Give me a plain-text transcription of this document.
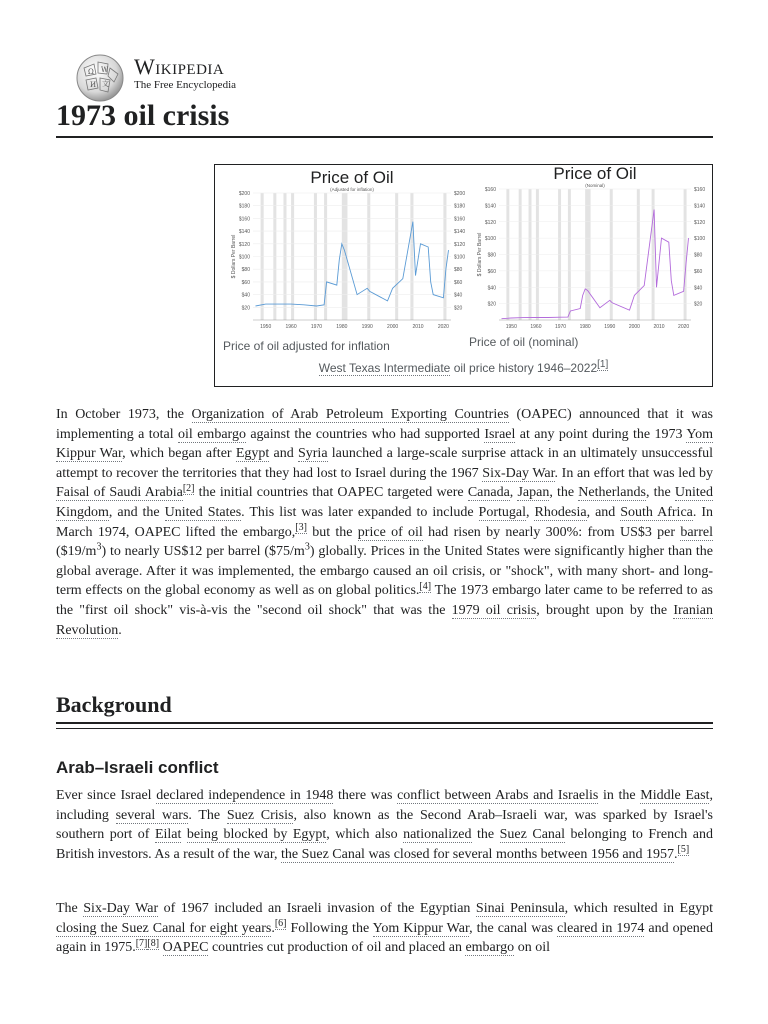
Ω W
И 文
Wikipedia
The Free Encyclopedia
1973 oil crisis
$20	$20
$40	$40
$60	$60
$80	$80
$100	$100
$120	$120
$140	$140
$160	$160
$180	$180
$200	$200
1950	1960	1970	1980	1990	2000	2010	2020
$ Dollars Per Barrel
Price of Oil
(Adjusted for inflation)
$20	$20
$40	$40
$60	$60
$80	$80
$100	$100
$120	$120
$140	$140
$160	$160
1950	1960	1970	1980	1990	2000	2010	2020
$ Dollars Per Barrel
Price of Oil
(Nominal)
Price of oil adjusted for inflation	Price of oil (nominal)
West Texas Intermediate oil price history 1946–2022[1]

In October 1973, the Organization of Arab Petroleum Exporting Countries (OAPEC) announced that it was implementing a total oil embargo against the countries who had supported Israel at any point during the 1973 Yom Kippur War, which began after Egypt and Syria launched a large-scale surprise attack in an ultimately unsuccessful attempt to recover the territories that they had lost to Israel during the 1967 Six-Day War. In an effort that was led by Faisal of Saudi Arabia[2] the initial countries that OAPEC targeted were Canada, Japan, the Netherlands, the United Kingdom, and the United States. This list was later expanded to include Portugal, Rhodesia, and South Africa. In March 1974, OAPEC lifted the embargo,[3] but the price of oil had risen by nearly 300%: from US$3 per barrel $(\$19/m^3)$ to nearly US$12 per barrel $(\$75/m^3)$ globally. Prices in the United States were significantly higher than the global average. After it was implemented, the embargo caused an oil crisis, or "shock", with many short- and long-term effects on the global economy as well as on global politics.[4] The 1973 embargo later came to be referred to as the "first oil shock" vis-à-vis the "second oil shock" that was the 1979 oil crisis, brought upon by the Iranian Revolution.

Background
Arab–Israeli conflict

Ever since Israel declared independence in 1948 there was conflict between Arabs and Israelis in the Middle East, including several wars. The Suez Crisis, also known as the Second Arab–Israeli war, was sparked by Israel's southern port of Eilat being blocked by Egypt, which also nationalized the Suez Canal belonging to French and British investors. As a result of the war, the Suez Canal was closed for several months between 1956 and 1957.[5]

The Six-Day War of 1967 included an Israeli invasion of the Egyptian Sinai Peninsula, which resulted in Egypt closing the Suez Canal for eight years.[6] Following the Yom Kippur War, the canal was cleared in 1974 and opened again in 1975.[7][8] OAPEC countries cut production of oil and placed an embargo on oil
